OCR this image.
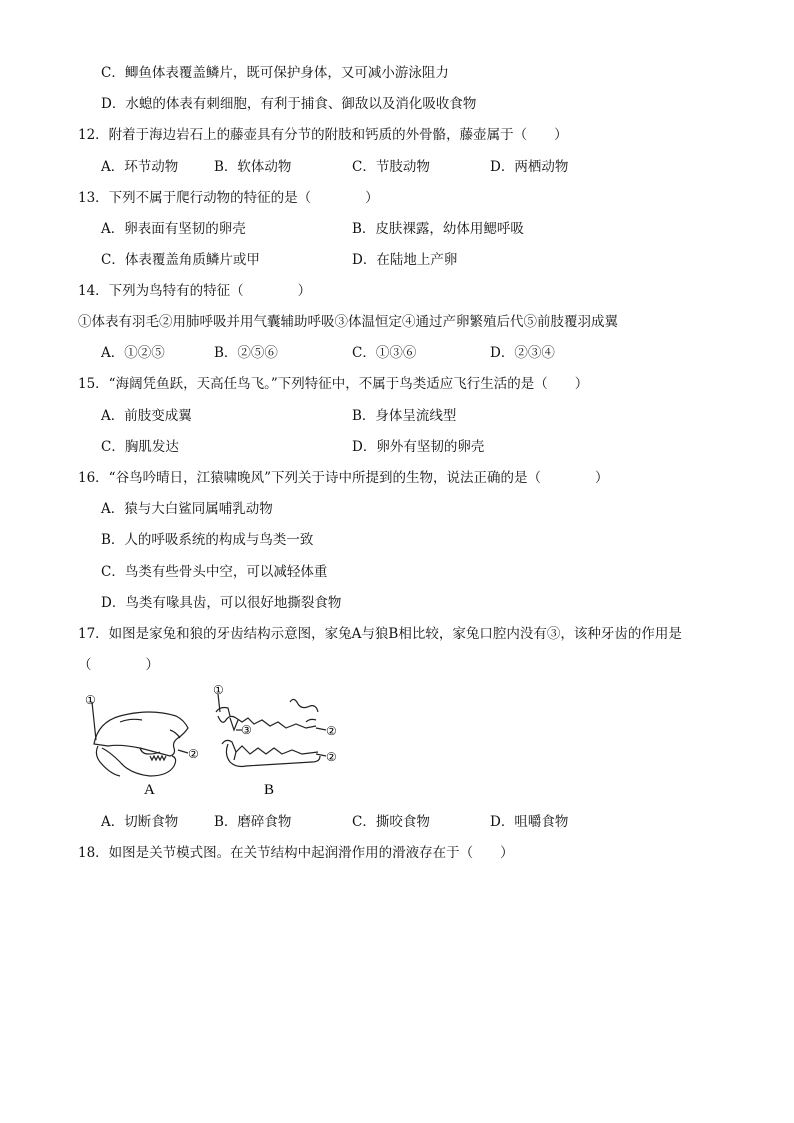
C．鲫鱼体表覆盖鳞片，既可保护身体，又可减小游泳阻力
D．水螅的体表有刺细胞，有利于捕食、御敌以及消化吸收食物
12．附着于海边岩石上的藤壶具有分节的附肢和钙质的外骨骼，藤壶属于（　　）
A．环节动物	B．软体动物	C．节肢动物	D．两栖动物
13．下列不属于爬行动物的特征的是（　　　　）
A．卵表面有坚韧的卵壳	B．皮肤裸露，幼体用鳃呼吸
C．体表覆盖角质鳞片或甲	D．在陆地上产卵
14．下列为鸟特有的特征（　　　　）
①体表有羽毛②用肺呼吸并用气囊辅助呼吸③体温恒定④通过产卵繁殖后代⑤前肢覆羽成翼
A．①②⑤	B．②⑤⑥	C．①③⑥	D．②③④
15．“海阔凭鱼跃，天高任鸟飞。”下列特征中，不属于鸟类适应飞行生活的是（　　）
A．前肢变成翼	B．身体呈流线型
C．胸肌发达	D．卵外有坚韧的卵壳
16．“谷鸟吟晴日，江猿啸晚风”下列关于诗中所提到的生物，说法正确的是（　　　　）
A．猿与大白鲨同属哺乳动物
B．人的呼吸系统的构成与鸟类一致
C．鸟类有些骨头中空，可以减轻体重
D．鸟类有喙具齿，可以很好地撕裂食物
17．如图是家兔和狼的牙齿结构示意图，家兔A与狼B相比较，家兔口腔内没有③，该种牙齿的作用是
（　　　　）
①
②
A
①
③	②
②
B
A．切断食物	B．磨碎食物	C．撕咬食物	D．咀嚼食物
18．如图是关节模式图。在关节结构中起润滑作用的滑液存在于（　　）
